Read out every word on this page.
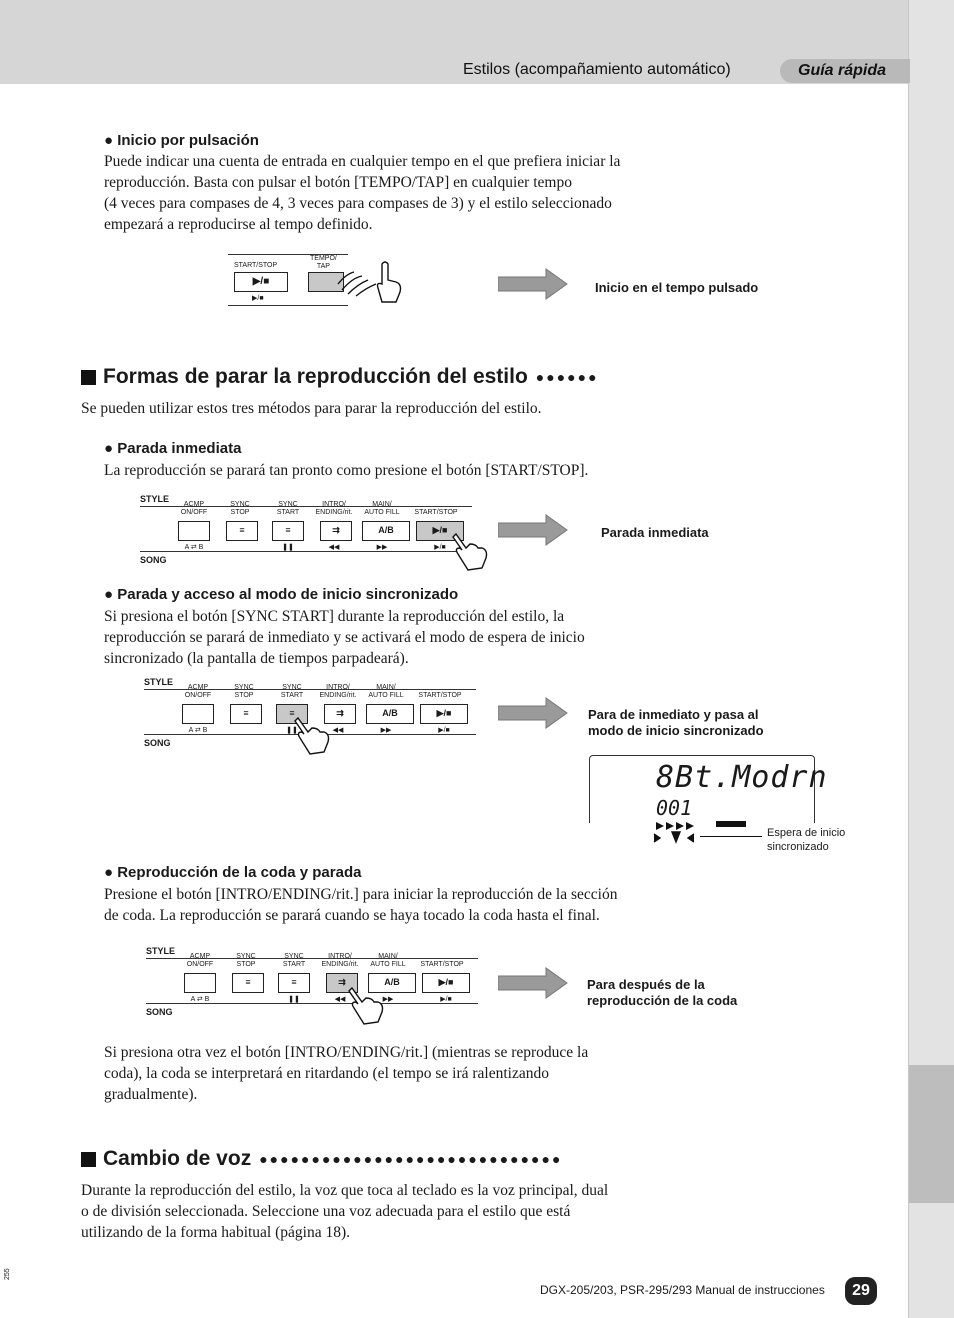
Estilos (acompañamiento automático)	Guía rápida
● Inicio por pulsación
Puede indicar una cuenta de entrada en cualquier tempo en el que prefiera iniciar la
reproducción. Basta con pulsar el botón [TEMPO/TAP] en cualquier tempo
(4 veces para compases de 4, 3 veces para compases de 3) y el estilo seleccionado
empezará a reproducirse al tempo definido.
START/STOP
TEMPO/
TAP
▶/■
▶/■
Inicio en el tempo pulsado
Formas de parar la reproducción del estilo ●●●●●●
Se pueden utilizar estos tres métodos para parar la reproducción del estilo.
● Parada inmediata
La reproducción se parará tan pronto como presione el botón [START/STOP].
STYLE
ACMP
ON/OFF
SYNC
STOP
SYNC
START
INTRO/
ENDING/rit.
MAIN/
AUTO FILL	START/STOP
≡	≡	⇉	A/B	▶/■
A ⇄ B	❚❚	◀◀	▶▶	▶/■
SONG
Parada inmediata
● Parada y acceso al modo de inicio sincronizado
Si presiona el botón [SYNC START] durante la reproducción del estilo, la
reproducción se parará de inmediato y se activará el modo de espera de inicio
sincronizado (la pantalla de tiempos parpadeará).
STYLE
ACMP
ON/OFF
SYNC
STOP
SYNC
START
INTRO/
ENDING/rit.
MAIN/
AUTO FILL	START/STOP
≡	≡	⇉	A/B	▶/■
A ⇄ B	❚❚	◀◀	▶▶	▶/■
SONG
Para de inmediato y pasa al
modo de inicio sincronizado
8Bt.Modrn
001
Espera de inicio
sincronizado
● Reproducción de la coda y parada
Presione el botón [INTRO/ENDING/rit.] para iniciar la reproducción de la sección
de coda. La reproducción se parará cuando se haya tocado la coda hasta el final.
STYLE
ACMP
ON/OFF
SYNC
STOP
SYNC
START
INTRO/
ENDING/rit.
MAIN/
AUTO FILL	START/STOP
≡	≡	⇉	A/B	▶/■
A ⇄ B	❚❚	◀◀	▶▶	▶/■
SONG
Para después de la
reproducción de la coda
Si presiona otra vez el botón [INTRO/ENDING/rit.] (mientras se reproduce la
coda), la coda se interpretará en ritardando (el tempo se irá ralentizando
gradualmente).
Cambio de voz ●●●●●●●●●●●●●●●●●●●●●●●●●●●●●
Durante la reproducción del estilo, la voz que toca al teclado es la voz principal, dual
o de división seleccionada. Seleccione una voz adecuada para el estilo que está
utilizando de la forma habitual (página 18).
255
DGX-205/203, PSR-295/293 Manual de instrucciones	29
